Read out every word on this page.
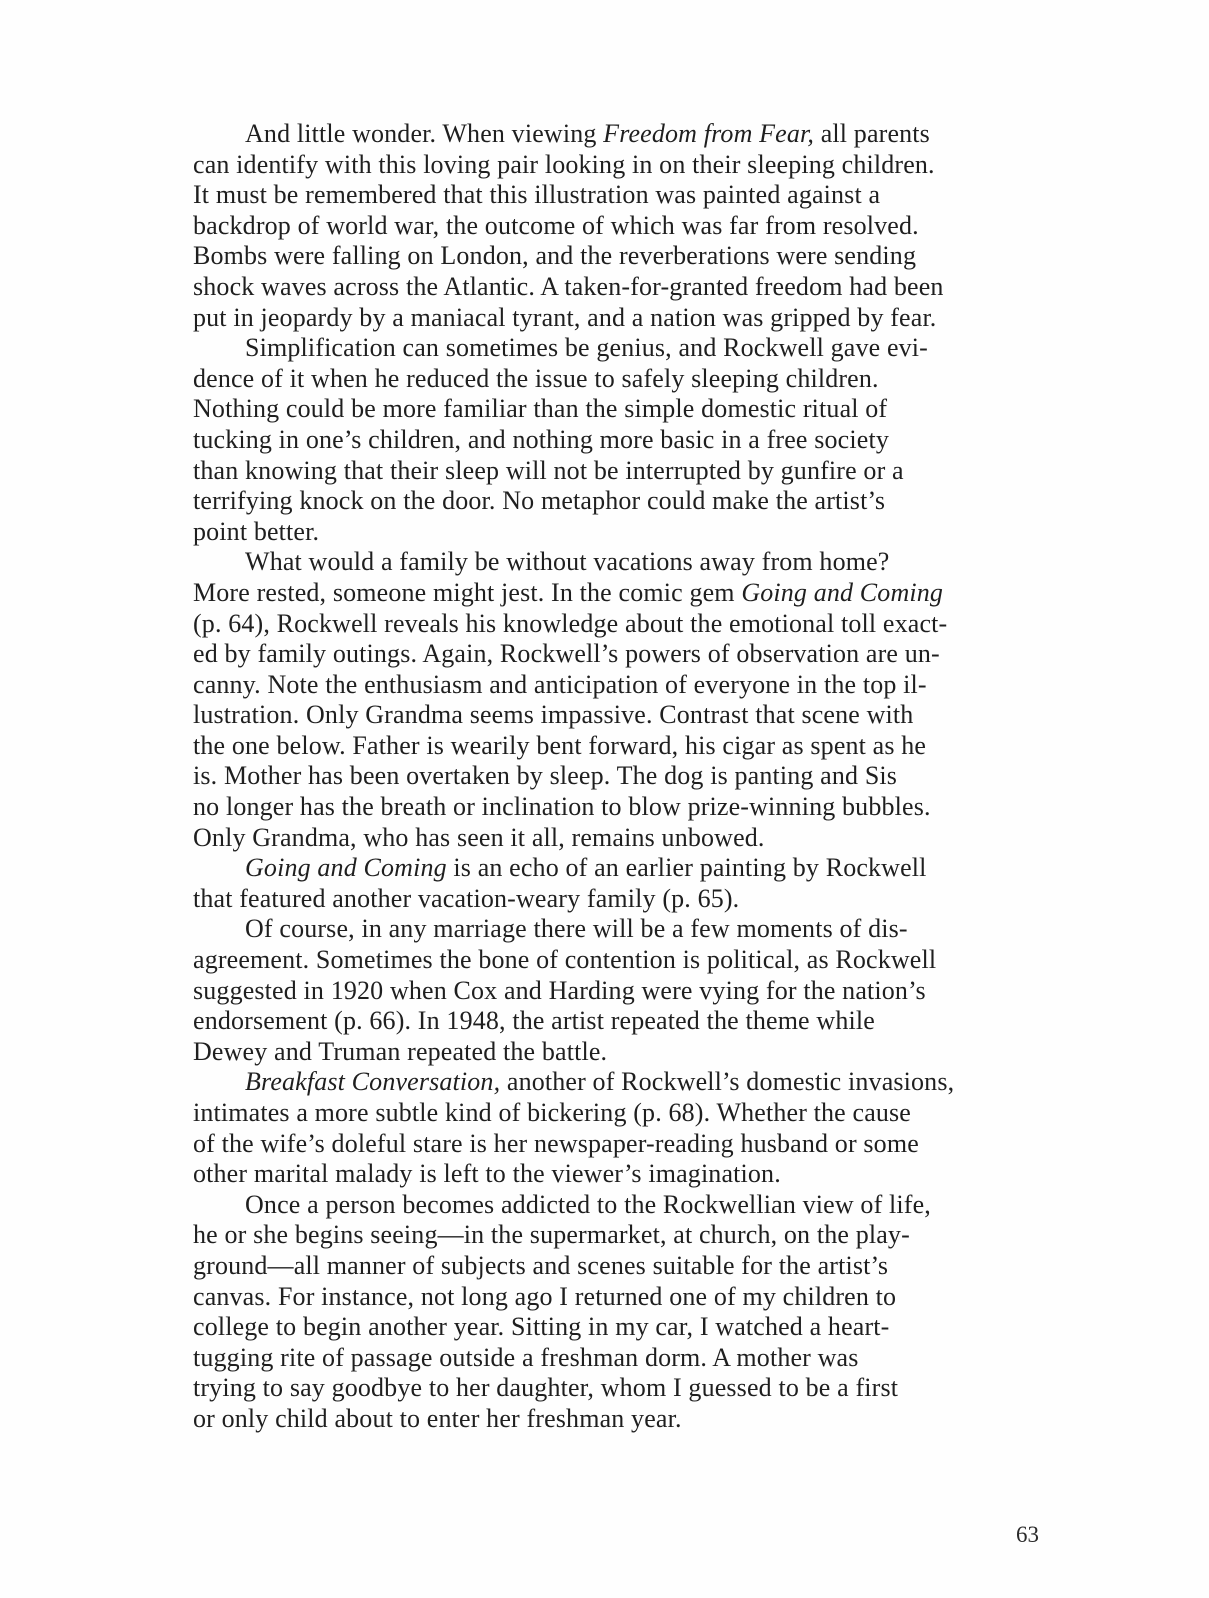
And little wonder. When viewing Freedom from Fear, all parents
can identify with this loving pair looking in on their sleeping children.
It must be remembered that this illustration was painted against a
backdrop of world war, the outcome of which was far from resolved.
Bombs were falling on London, and the reverberations were sending
shock waves across the Atlantic. A taken-for-granted freedom had been
put in jeopardy by a maniacal tyrant, and a nation was gripped by fear.
Simplification can sometimes be genius, and Rockwell gave evi-
dence of it when he reduced the issue to safely sleeping children.
Nothing could be more familiar than the simple domestic ritual of
tucking in one’s children, and nothing more basic in a free society
than knowing that their sleep will not be interrupted by gunfire or a
terrifying knock on the door. No metaphor could make the artist’s
point better.
What would a family be without vacations away from home?
More rested, someone might jest. In the comic gem Going and Coming
(p. 64), Rockwell reveals his knowledge about the emotional toll exact-
ed by family outings. Again, Rockwell’s powers of observation are un-
canny. Note the enthusiasm and anticipation of everyone in the top il-
lustration. Only Grandma seems impassive. Contrast that scene with
the one below. Father is wearily bent forward, his cigar as spent as he
is. Mother has been overtaken by sleep. The dog is panting and Sis
no longer has the breath or inclination to blow prize-winning bubbles.
Only Grandma, who has seen it all, remains unbowed.
Going and Coming is an echo of an earlier painting by Rockwell
that featured another vacation-weary family (p. 65).
Of course, in any marriage there will be a few moments of dis-
agreement. Sometimes the bone of contention is political, as Rockwell
suggested in 1920 when Cox and Harding were vying for the nation’s
endorsement (p. 66). In 1948, the artist repeated the theme while
Dewey and Truman repeated the battle.
Breakfast Conversation, another of Rockwell’s domestic invasions,
intimates a more subtle kind of bickering (p. 68). Whether the cause
of the wife’s doleful stare is her newspaper-reading husband or some
other marital malady is left to the viewer’s imagination.
Once a person becomes addicted to the Rockwellian view of life,
he or she begins seeing—in the supermarket, at church, on the play-
ground—all manner of subjects and scenes suitable for the artist’s
canvas. For instance, not long ago I returned one of my children to
college to begin another year. Sitting in my car, I watched a heart-
tugging rite of passage outside a freshman dorm. A mother was
trying to say goodbye to her daughter, whom I guessed to be a first
or only child about to enter her freshman year.
63
